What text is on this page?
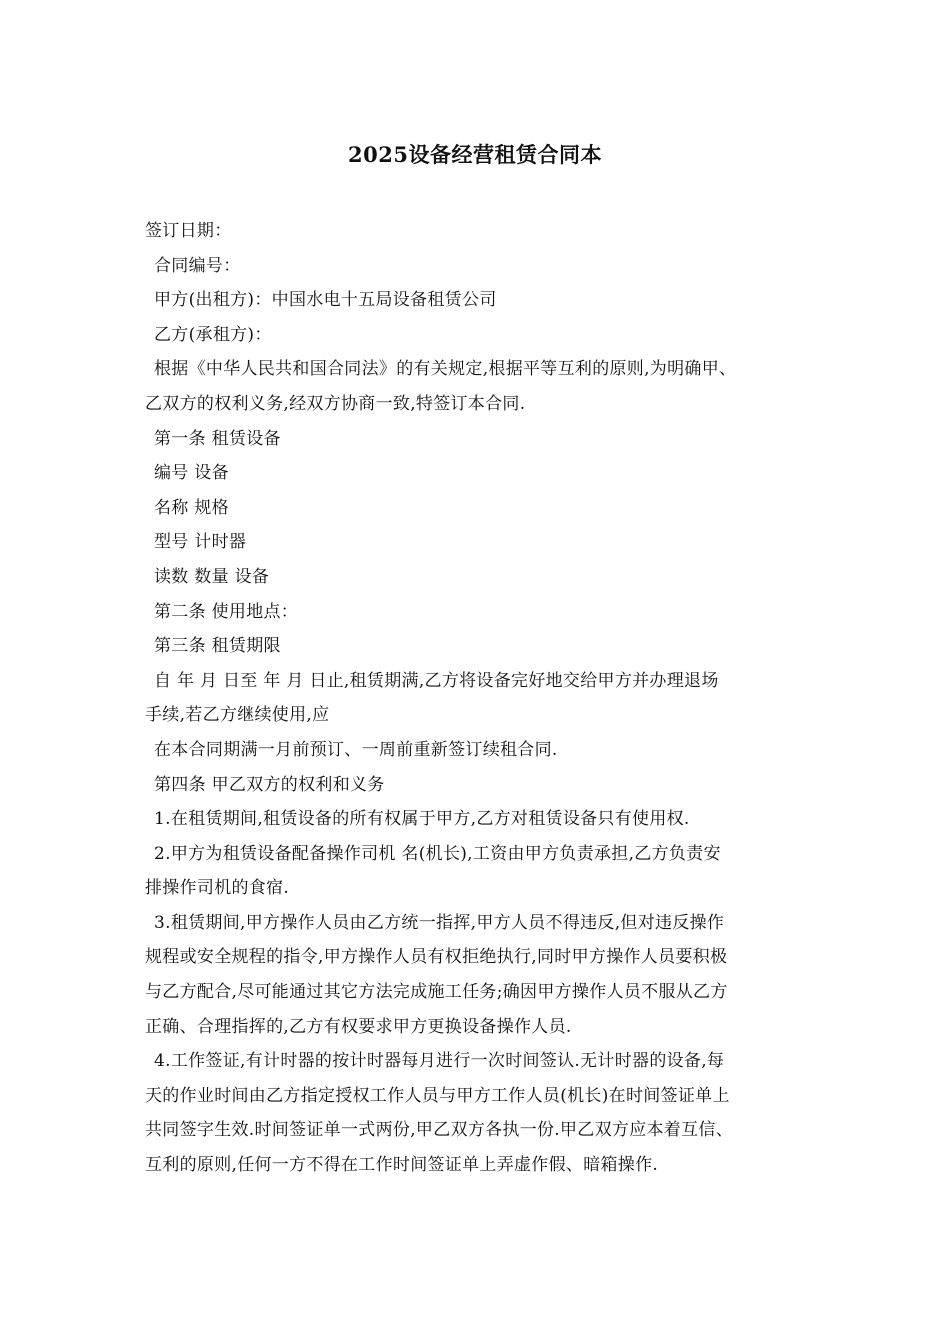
2025设备经营租赁合同本
签订日期：
合同编号：
甲方(出租方)：中国水电十五局设备租赁公司
乙方(承租方)：
根据《中华人民共和国合同法》的有关规定,根据平等互利的原则,为明确甲、
乙双方的权利义务,经双方协商一致,特签订本合同.
第一条 租赁设备
编号 设备
名称 规格
型号 计时器
读数 数量 设备
第二条 使用地点：
第三条 租赁期限
自 年 月 日至 年 月 日止,租赁期满,乙方将设备完好地交给甲方并办理退场
手续,若乙方继续使用,应
在本合同期满一月前预订、一周前重新签订续租合同.
第四条 甲乙双方的权利和义务
1.在租赁期间,租赁设备的所有权属于甲方,乙方对租赁设备只有使用权.
2.甲方为租赁设备配备操作司机 名(机长),工资由甲方负责承担,乙方负责安
排操作司机的食宿.
3.租赁期间,甲方操作人员由乙方统一指挥,甲方人员不得违反,但对违反操作
规程或安全规程的指令,甲方操作人员有权拒绝执行,同时甲方操作人员要积极
与乙方配合,尽可能通过其它方法完成施工任务;确因甲方操作人员不服从乙方
正确、合理指挥的,乙方有权要求甲方更换设备操作人员.
4.工作签证,有计时器的按计时器每月进行一次时间签认.无计时器的设备,每
天的作业时间由乙方指定授权工作人员与甲方工作人员(机长)在时间签证单上
共同签字生效.时间签证单一式两份,甲乙双方各执一份.甲乙双方应本着互信、
互利的原则,任何一方不得在工作时间签证单上弄虚作假、暗箱操作.
